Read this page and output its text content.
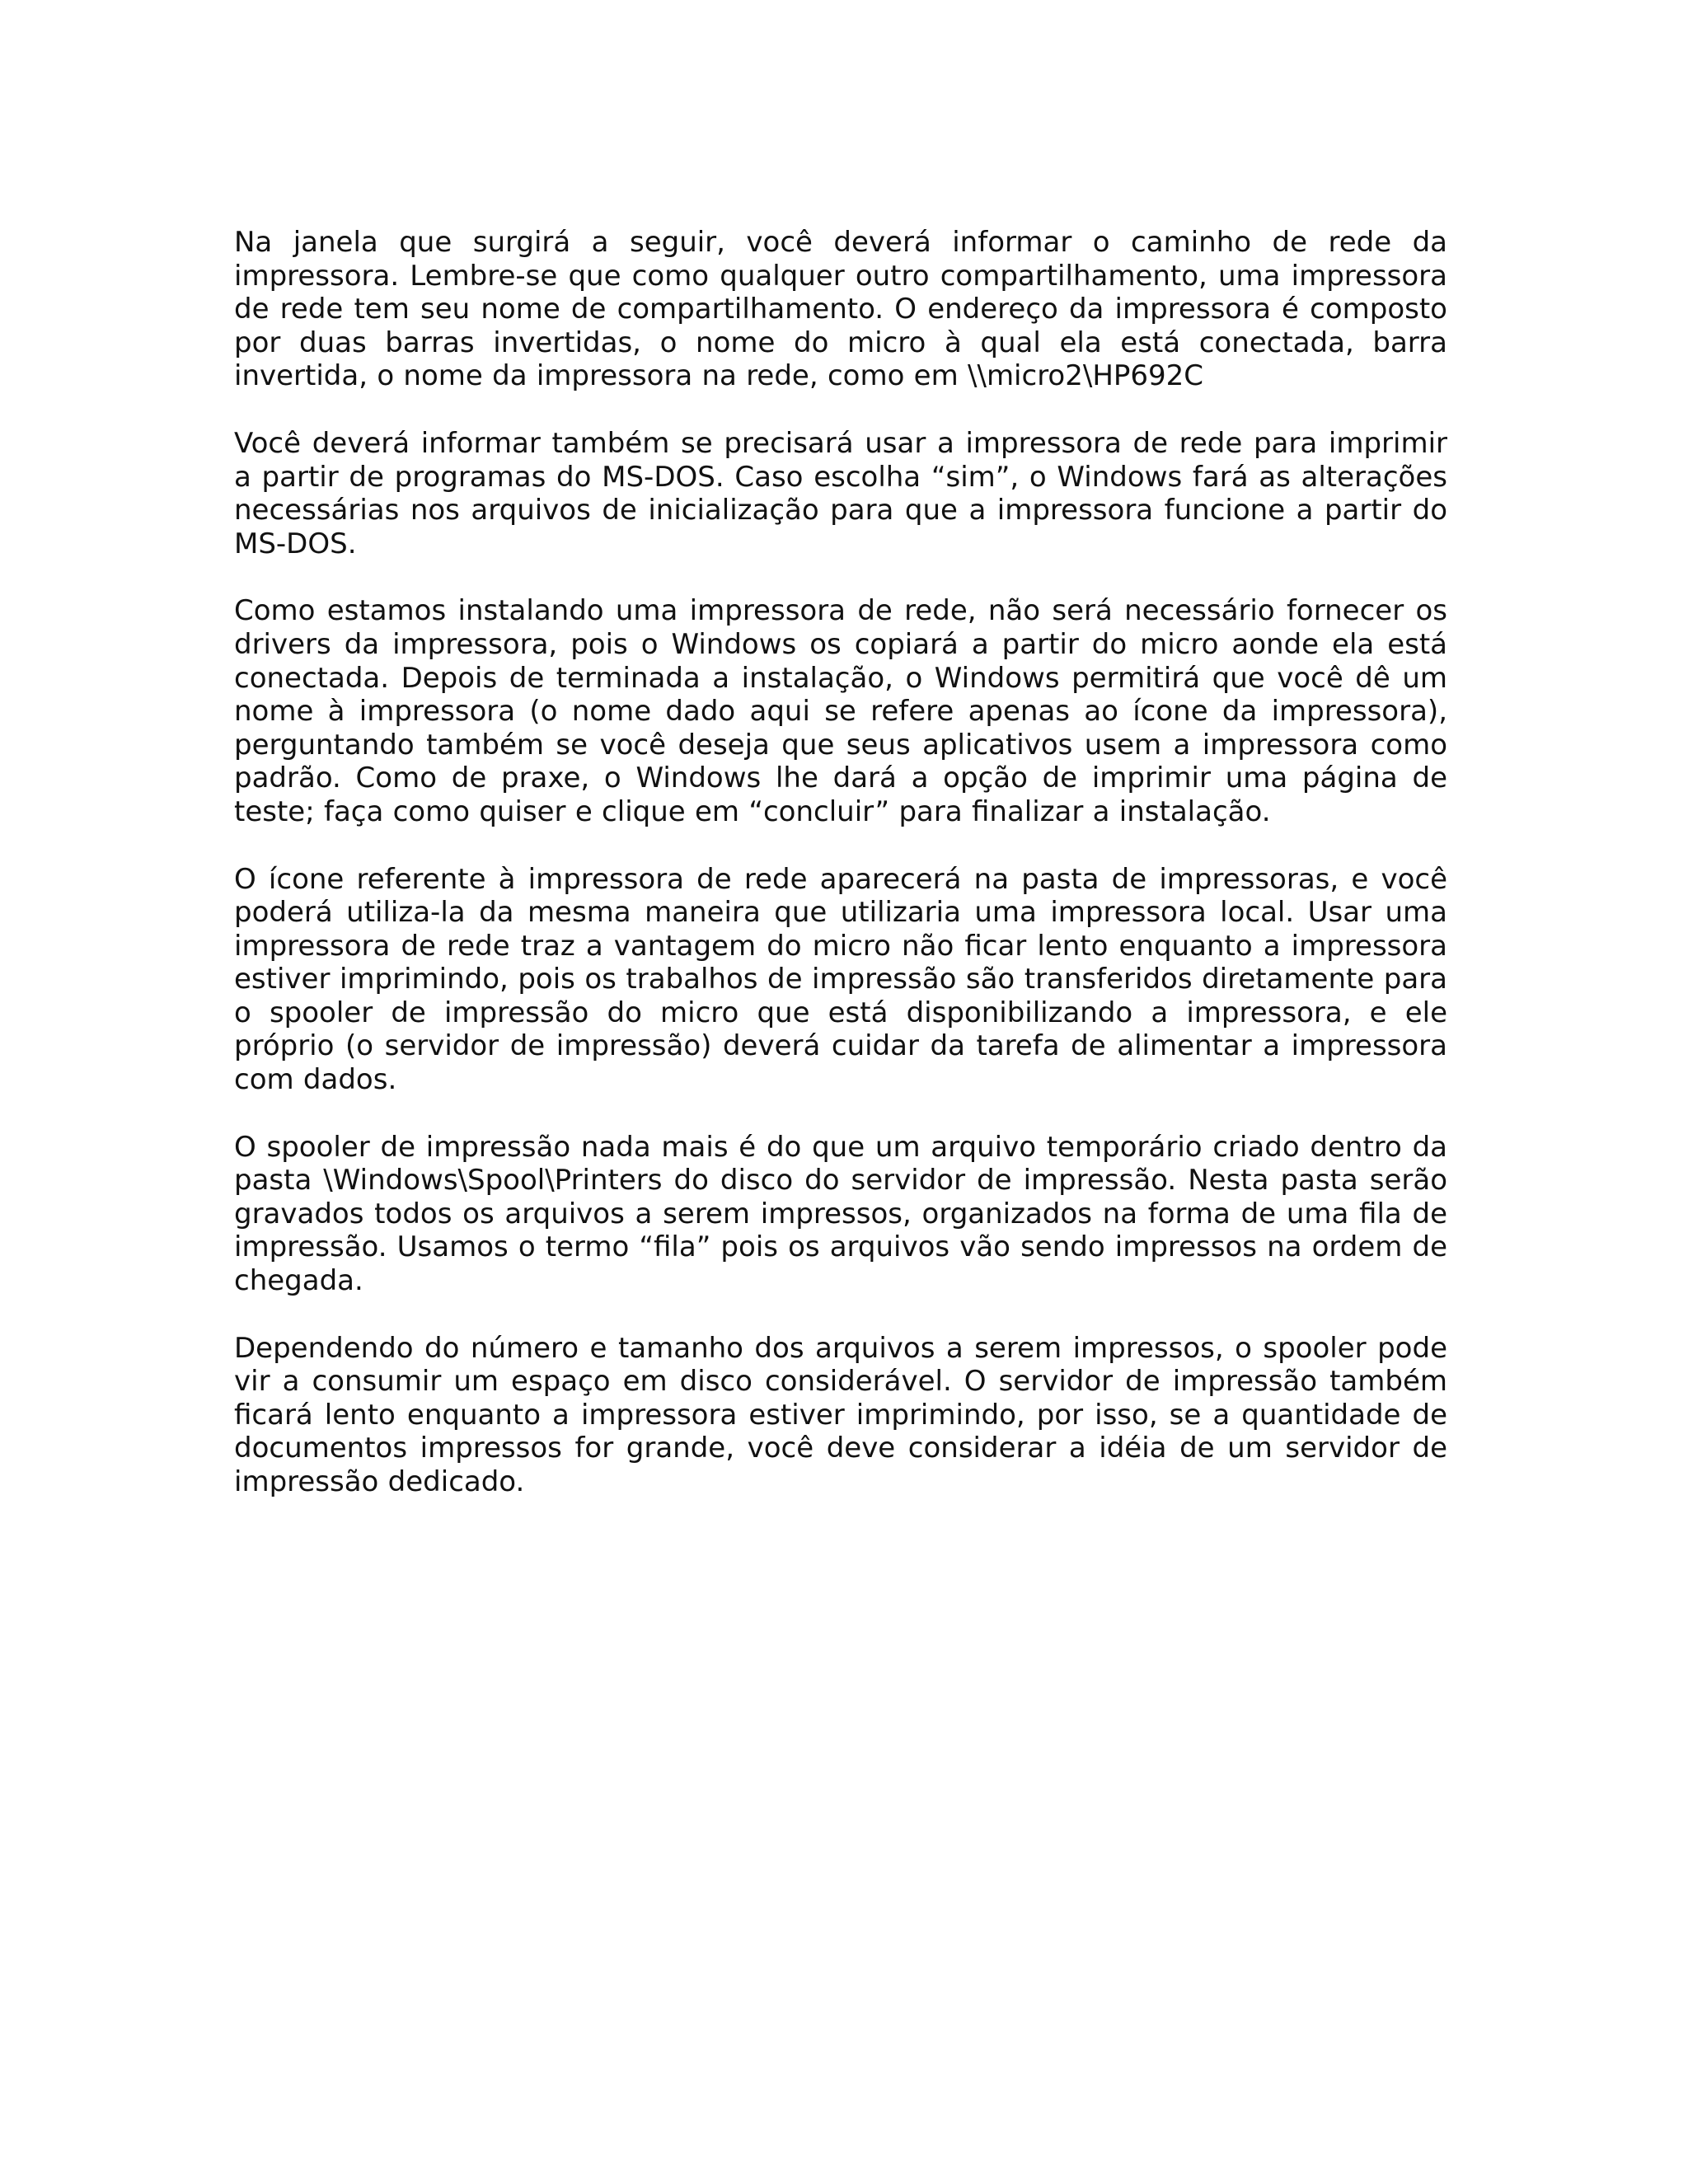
Na janela que surgirá a seguir, você deverá informar o caminho de rede da impressora. Lembre-se que como qualquer outro compartilhamento, uma impressora de rede tem seu nome de compartilhamento. O endereço da impressora é composto por duas barras invertidas, o nome do micro à qual ela está conectada, barra invertida, o nome da impressora na rede, como em \\micro2\HP692C

Você deverá informar também se precisará usar a impressora de rede para imprimir a partir de programas do MS-DOS. Caso escolha “sim”, o Windows fará as alterações necessárias nos arquivos de inicialização para que a impressora funcione a partir do MS-DOS.

Como estamos instalando uma impressora de rede, não será necessário fornecer os drivers da impressora, pois o Windows os copiará a partir do micro aonde ela está conectada. Depois de terminada a instalação, o Windows permitirá que você dê um nome à impressora (o nome dado aqui se refere apenas ao ícone da impressora), perguntando também se você deseja que seus aplicativos usem a impressora como padrão. Como de praxe, o Windows lhe dará a opção de imprimir uma página de teste; faça como quiser e clique em “concluir” para finalizar a instalação.

O ícone referente à impressora de rede aparecerá na pasta de impressoras, e você poderá utiliza-la da mesma maneira que utilizaria uma impressora local. Usar uma impressora de rede traz a vantagem do micro não ficar lento enquanto a impressora estiver imprimindo, pois os trabalhos de impressão são transferidos diretamente para o spooler de impressão do micro que está disponibilizando a impressora, e ele próprio (o servidor de impressão) deverá cuidar da tarefa de alimentar a impressora com dados.

O spooler de impressão nada mais é do que um arquivo temporário criado dentro da pasta \Windows\Spool\Printers do disco do servidor de impressão. Nesta pasta serão gravados todos os arquivos a serem impressos, organizados na forma de uma fila de impressão. Usamos o termo “fila” pois os arquivos vão sendo impressos na ordem de chegada.

Dependendo do número e tamanho dos arquivos a serem impressos, o spooler pode vir a consumir um espaço em disco considerável. O servidor de impressão também ficará lento enquanto a impressora estiver imprimindo, por isso, se a quantidade de documentos impressos for grande, você deve considerar a idéia de um servidor de impressão dedicado.
